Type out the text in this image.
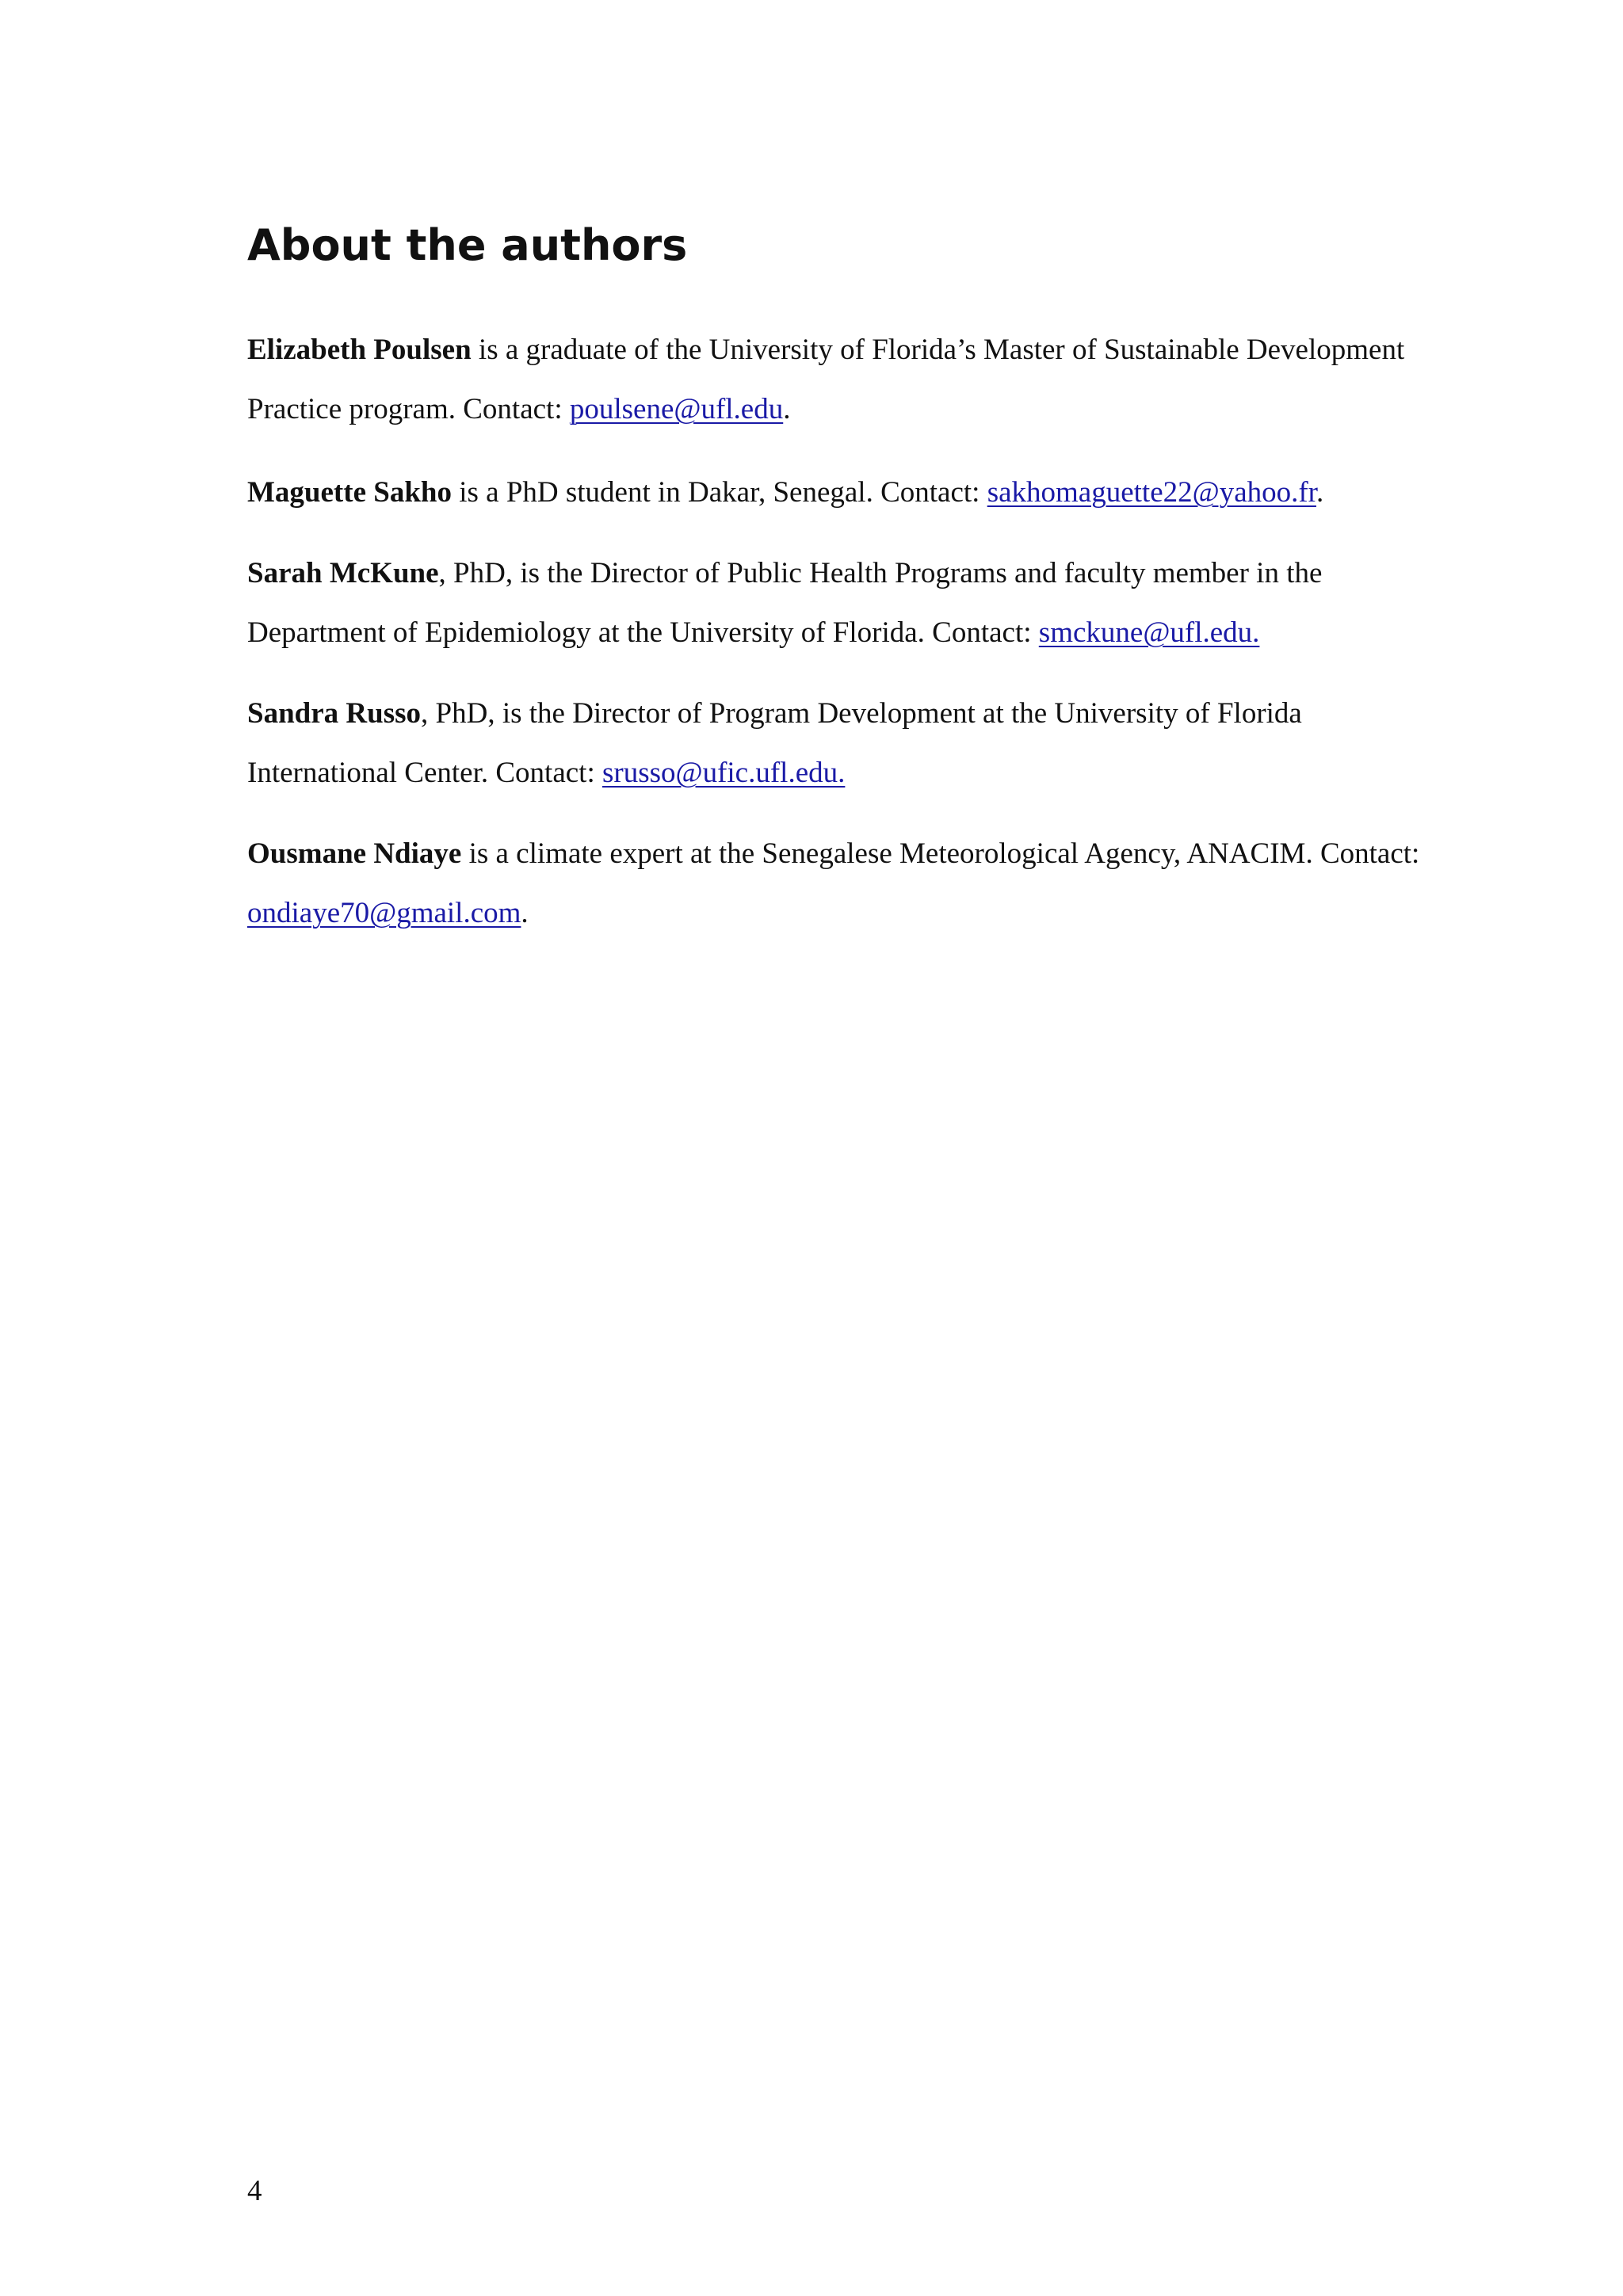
About the authors

Elizabeth Poulsen is a graduate of the University of Florida’s Master of Sustainable Development Practice program. Contact: poulsene@ufl.edu.

Maguette Sakho is a PhD student in Dakar, Senegal. Contact: sakhomaguette22@yahoo.fr.

Sarah McKune, PhD, is the Director of Public Health Programs and faculty member in the Department of Epidemiology at the University of Florida. Contact: smckune@ufl.edu.

Sandra Russo, PhD, is the Director of Program Development at the University of Florida International Center. Contact: srusso@ufic.ufl.edu.

Ousmane Ndiaye is a climate expert at the Senegalese Meteorological Agency, ANACIM. Contact: ondiaye70@gmail.com.

4
